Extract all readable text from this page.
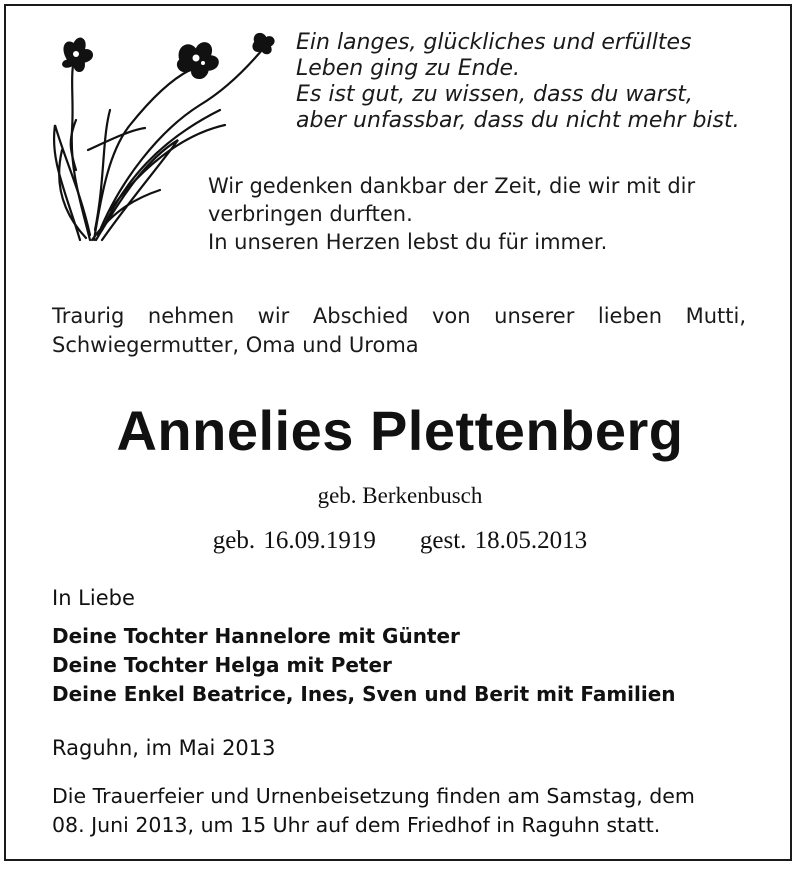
Ein langes, glückliches und erfülltes
Leben ging zu Ende.
Es ist gut, zu wissen, dass du warst,
aber unfassbar, dass du nicht mehr bist.
Wir gedenken dankbar der Zeit, die wir mit dir
verbringen durften.
In unseren Herzen lebst du für immer.
Traurig nehmen wir Abschied von unserer lieben Mutti,
Schwiegermutter, Oma und Uroma
Annelies Plettenberg
geb. Berkenbusch
geb. 16.09.1919 gest. 18.05.2013
In Liebe
Deine Tochter Hannelore mit Günter
Deine Tochter Helga mit Peter
Deine Enkel Beatrice, Ines, Sven und Berit mit Familien
Raguhn, im Mai 2013
Die Trauerfeier und Urnenbeisetzung finden am Samstag, dem
08. Juni 2013, um 15 Uhr auf dem Friedhof in Raguhn statt.
